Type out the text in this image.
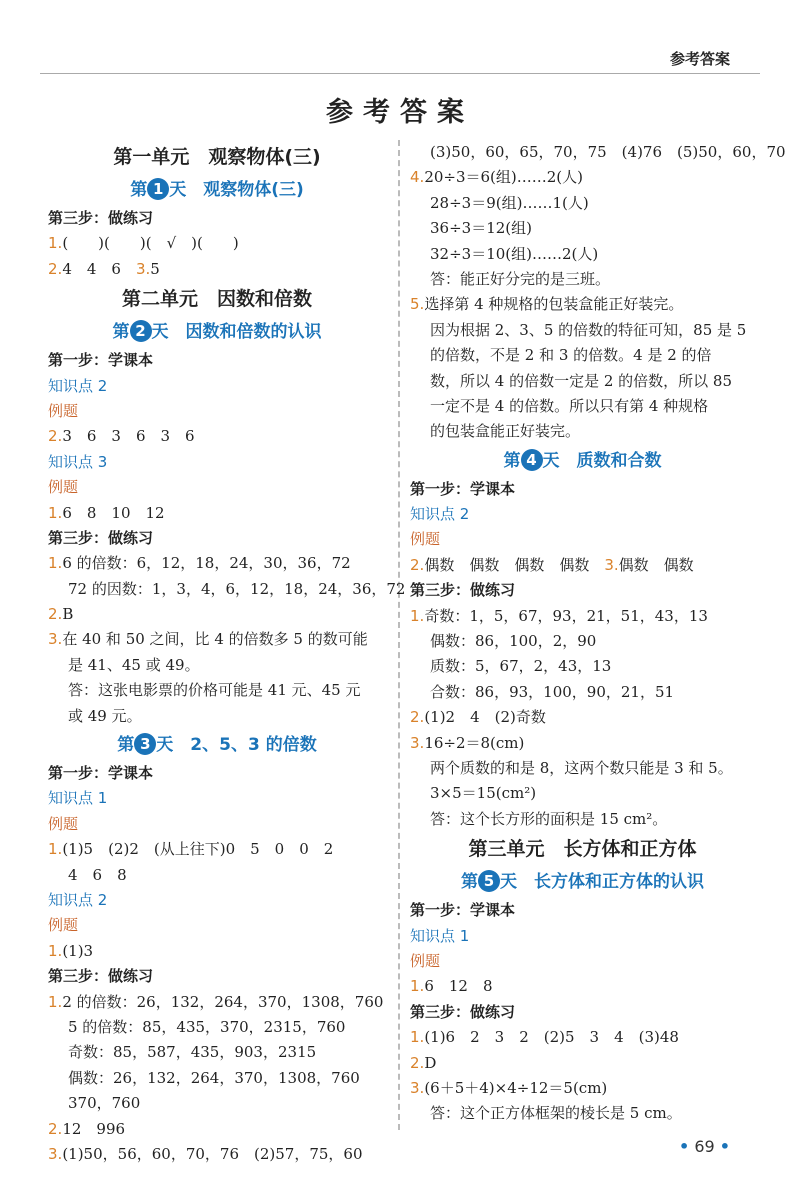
参考答案
参考答案
第一单元　观察物体(三)
第 1 天　观察物体(三)
第三步：做练习
1.(　　)(　　)(　√　)(　　)
2.4　4　6　 3.5
第二单元　因数和倍数
第 2 天　因数和倍数的认识
第一步：学课本
知识点 2
例题
2.3　6　3　6　3　6
知识点 3
例题
1.6　8　10　12
第三步：做练习
1.6 的倍数：6，12，18，24，30，36，72
72 的因数：1，3，4，6，12，18，24，36，72
2.B
3.在 40 和 50 之间，比 4 的倍数多 5 的数可能
是 41、45 或 49。
答：这张电影票的价格可能是 41 元、45 元
或 49 元。
第 3 天　2、5、3 的倍数
第一步：学课本
知识点 1
例题
1.(1)5　(2)2　(从上往下)0　5　0　0　2
4　6　8
知识点 2
例题
1.(1)3
第三步：做练习
1.2 的倍数：26，132，264，370，1308，760
5 的倍数：85，435，370，2315，760
奇数：85，587，435，903，2315
偶数：26，132，264，370，1308，760
370，760
2.12　996
3.(1)50，56，60，70，76　(2)57，75，60
(3)50，60，65，70，75　(4)76　(5)50，60，70
4.20÷3＝6(组)……2(人)
28÷3＝9(组)……1(人)
36÷3＝12(组)
32÷3＝10(组)……2(人)
答：能正好分完的是三班。
5.选择第 4 种规格的包装盒能正好装完。
因为根据 2、3、5 的倍数的特征可知，85 是 5
的倍数，不是 2 和 3 的倍数。4 是 2 的倍
数，所以 4 的倍数一定是 2 的倍数，所以 85
一定不是 4 的倍数。所以只有第 4 种规格
的包装盒能正好装完。
第 4 天　质数和合数
第一步：学课本
知识点 2
例题
2.偶数　偶数　偶数　偶数　 3.偶数　偶数
第三步：做练习
1.奇数：1，5，67，93，21，51，43，13
偶数：86，100，2，90
质数：5，67，2，43，13
合数：86，93，100，90，21，51
2.(1)2　4　(2)奇数
3.16÷2＝8(cm)
两个质数的和是 8，这两个数只能是 3 和 5。
3×5＝15(cm²)
答：这个长方形的面积是 15 cm²。
第三单元　长方体和正方体
第 5 天　长方体和正方体的认识
第一步：学课本
知识点 1
例题
1.6　12　8
第三步：做练习
1.(1)6　2　3　2　(2)5　3　4　(3)48
2.D
3.(6＋5＋4)×4÷12＝5(cm)
答：这个正方体框架的棱长是 5 cm。
• 69 •
